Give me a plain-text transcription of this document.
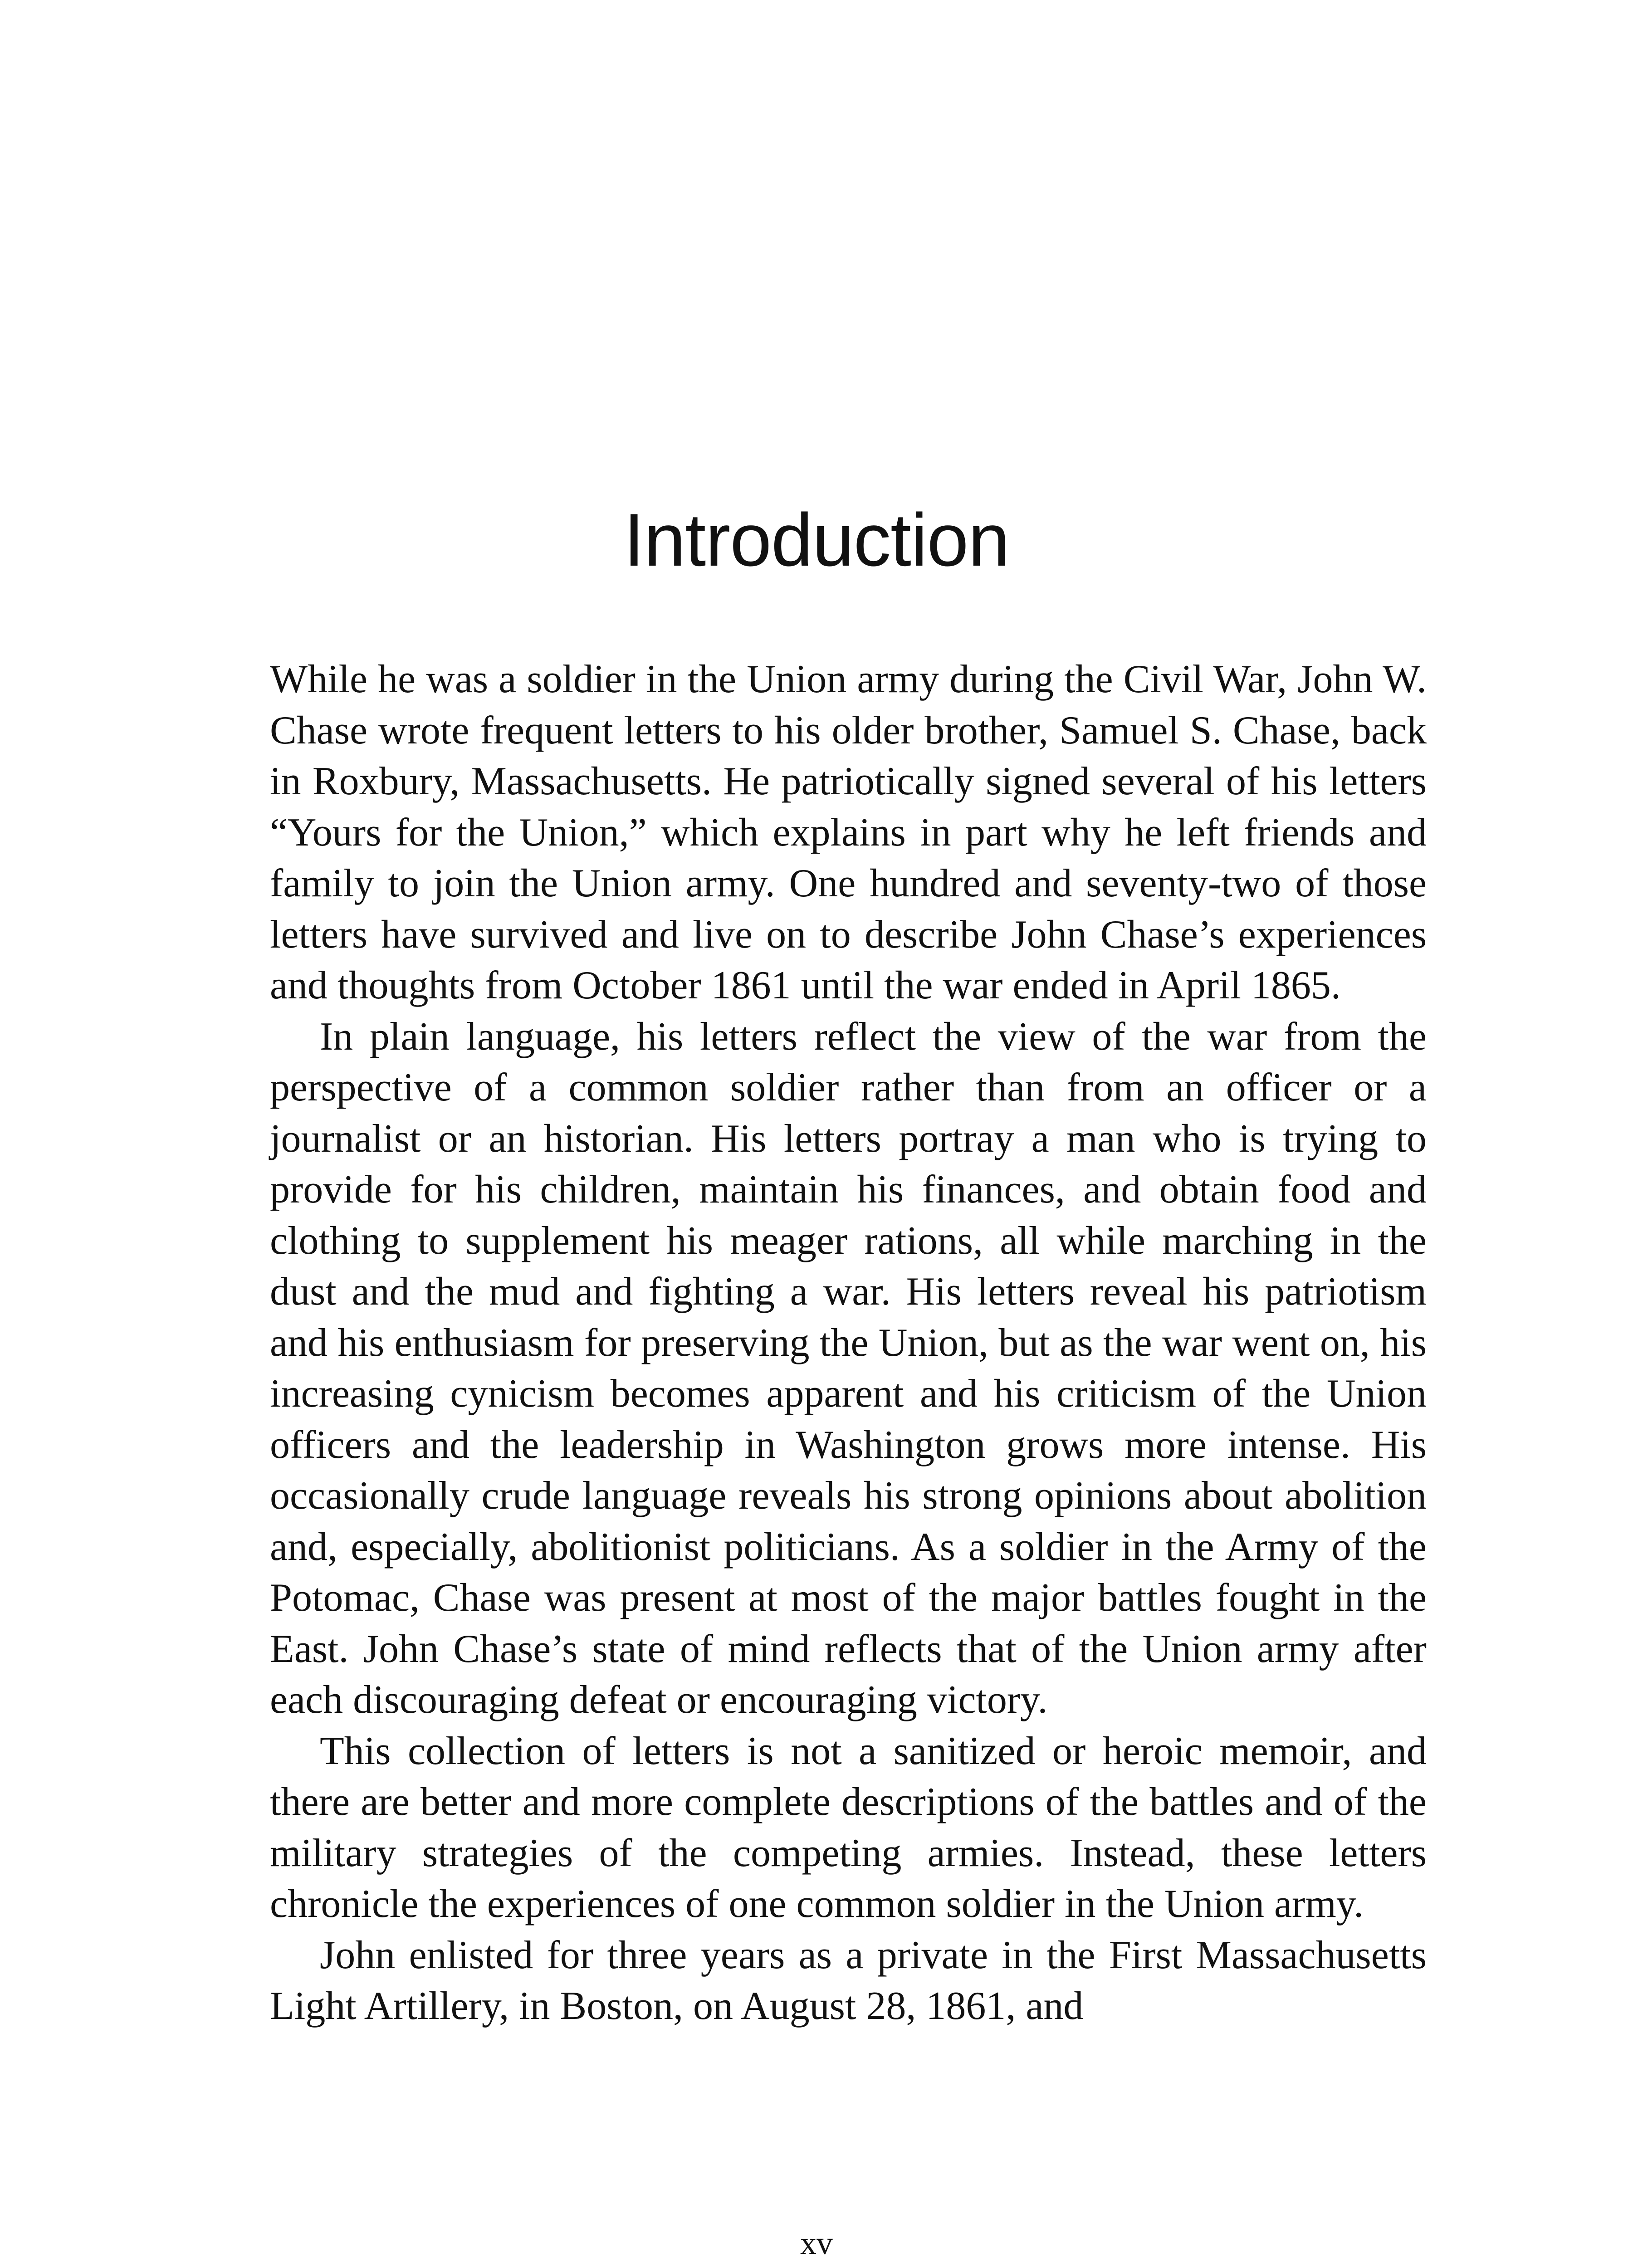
Introduction

While he was a soldier in the Union army during the Civil War, John W. Chase wrote frequent letters to his older brother, Samuel S. Chase, back in Roxbury, Massachusetts. He patriotically signed several of his letters “Yours for the Union,” which explains in part why he left friends and family to join the Union army. One hundred and seventy-two of those letters have survived and live on to describe John Chase’s experiences and thoughts from October 1861 until the war ended in April 1865.

In plain language, his letters reflect the view of the war from the perspective of a common soldier rather than from an officer or a journalist or an historian. His letters portray a man who is trying to provide for his children, maintain his finances, and obtain food and clothing to supplement his meager rations, all while marching in the dust and the mud and fighting a war. His letters reveal his patriotism and his enthusiasm for preserving the Union, but as the war went on, his increasing cynicism becomes apparent and his criticism of the Union officers and the leadership in Washington grows more intense. His occasionally crude language reveals his strong opinions about abolition and, especially, abolitionist politicians. As a soldier in the Army of the Potomac, Chase was present at most of the major battles fought in the East. John Chase’s state of mind reflects that of the Union army after each discouraging defeat or encouraging victory.

This collection of letters is not a sanitized or heroic memoir, and there are better and more complete descriptions of the battles and of the military strategies of the competing armies. Instead, these letters chronicle the experiences of one common soldier in the Union army.

John enlisted for three years as a private in the First Massachusetts Light Artillery, in Boston, on August 28, 1861, and

xv
